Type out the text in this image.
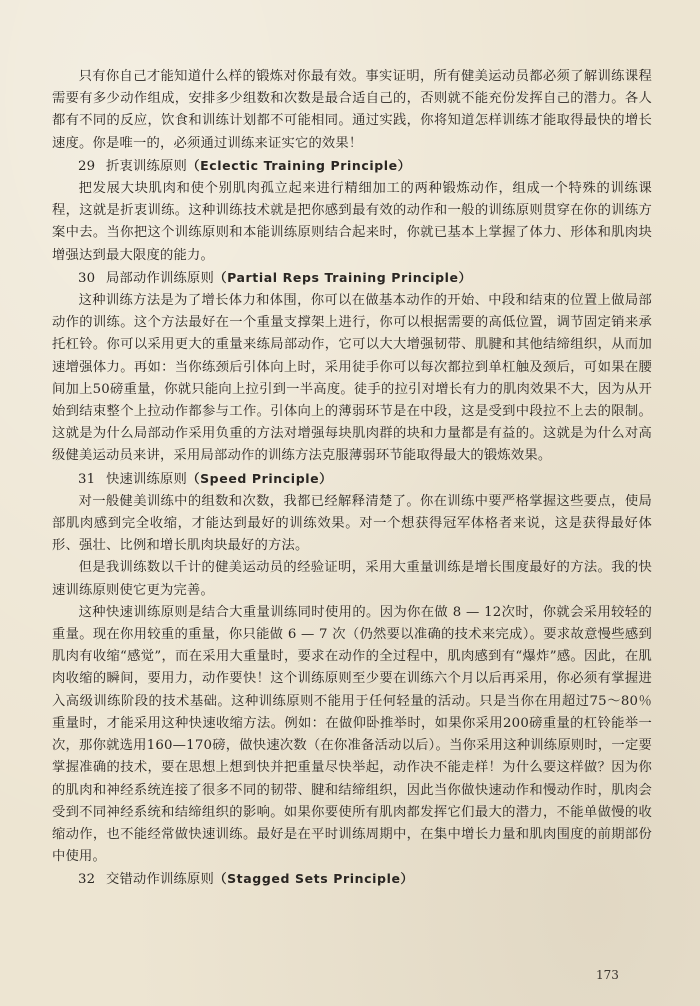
只有你自己才能知道什么样的锻炼对你最有效。事实证明，所有健美运动员都必须了解训练课程需要有多少动作组成，安排多少组数和次数是最合适自己的，否则就不能充份发挥自己的潜力。各人都有不同的反应，饮食和训练计划都不可能相同。通过实践，你将知道怎样训练才能取得最快的增长速度。你是唯一的，必须通过训练来证实它的效果！

29 折衷训练原则（Eclectic Training Principle）

把发展大块肌肉和使个别肌肉孤立起来进行精细加工的两种锻炼动作，组成一个特殊的训练课程，这就是折衷训练。这种训练技术就是把你感到最有效的动作和一般的训练原则贯穿在你的训练方案中去。当你把这个训练原则和本能训练原则结合起来时，你就已基本上掌握了体力、形体和肌肉块增强达到最大限度的能力。

30 局部动作训练原则（Partial Reps Training Principle）

这种训练方法是为了增长体力和体围，你可以在做基本动作的开始、中段和结束的位置上做局部动作的训练。这个方法最好在一个重量支撑架上进行，你可以根据需要的高低位置，调节固定销来承托杠铃。你可以采用更大的重量来练局部动作，它可以大大增强韧带、肌腱和其他结缔组织，从而加速增强体力。再如：当你练颈后引体向上时，采用徒手你可以每次都拉到单杠触及颈后，可如果在腰间加上50磅重量，你就只能向上拉引到一半高度。徒手的拉引对增长有力的肌肉效果不大，因为从开始到结束整个上拉动作都参与工作。引体向上的薄弱环节是在中段，这是受到中段拉不上去的限制。这就是为什么局部动作采用负重的方法对增强每块肌肉群的块和力量都是有益的。这就是为什么对高级健美运动员来讲，采用局部动作的训练方法克服薄弱环节能取得最大的锻炼效果。

31 快速训练原则（Speed Principle）

对一般健美训练中的组数和次数，我都已经解释清楚了。你在训练中要严格掌握这些要点，使局部肌肉感到完全收缩，才能达到最好的训练效果。对一个想获得冠军体格者来说，这是获得最好体形、强壮、比例和增长肌肉块最好的方法。

但是我训练数以千计的健美运动员的经验证明，采用大重量训练是增长围度最好的方法。我的快速训练原则使它更为完善。

这种快速训练原则是结合大重量训练同时使用的。因为你在做 8 — 12次时，你就会采用较轻的重量。现在你用较重的重量，你只能做 6 — 7 次（仍然要以准确的技术来完成）。要求故意慢些感到肌肉有收缩“感觉”，而在采用大重量时，要求在动作的全过程中，肌肉感到有“爆炸”感。因此，在肌肉收缩的瞬间，要用力，动作要快！这个训练原则至少要在训练六个月以后再采用，你必须有掌握进入高级训练阶段的技术基础。这种训练原则不能用于任何轻量的活动。只是当你在用超过75～80％重量时，才能采用这种快速收缩方法。例如：在做仰卧推举时，如果你采用200磅重量的杠铃能举一次，那你就选用160—170磅，做快速次数（在你准备活动以后）。当你采用这种训练原则时，一定要掌握准确的技术，要在思想上想到快并把重量尽快举起，动作决不能走样！为什么要这样做？因为你的肌肉和神经系统连接了很多不同的韧带、腱和结缔组织，因此当你做快速动作和慢动作时，肌肉会受到不同神经系统和结缔组织的影响。如果你要使所有肌肉都发挥它们最大的潜力，不能单做慢的收缩动作，也不能经常做快速训练。最好是在平时训练周期中，在集中增长力量和肌肉围度的前期部份中使用。

32 交错动作训练原则（Stagged Sets Principle）

173
